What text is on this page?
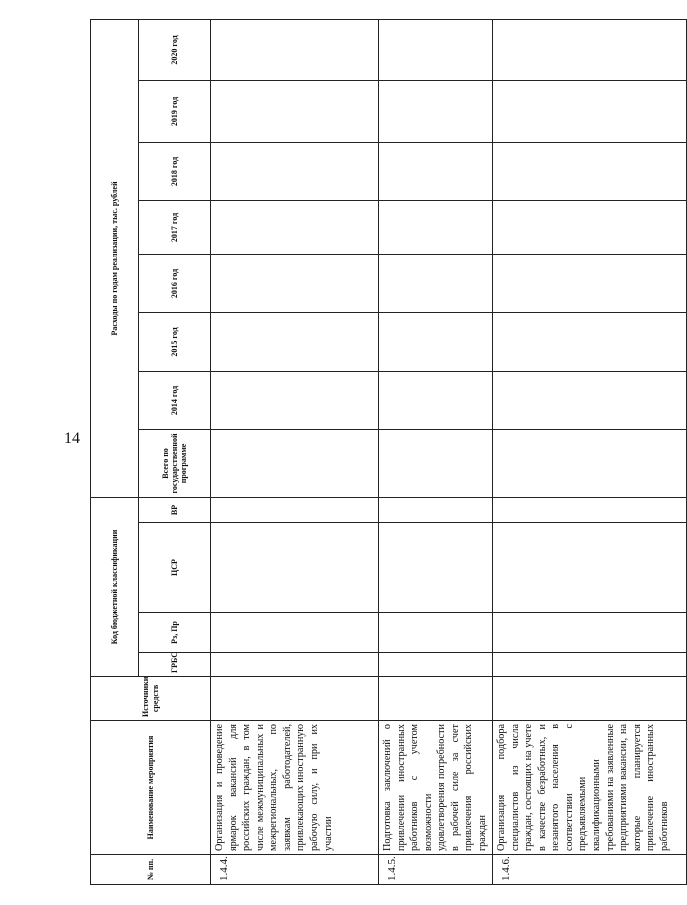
14
№ пп.	Наименование мероприятия	Источники средств	Код бюджетной классификации				Расходы по годам реализации, тыс. рублей							
			ГРБС	Рз, Пр	ЦСР	ВР	Всего по государственной программе	2014 год	2015 год	2016 год	2017 год	2018 год	2019 год	2020 год
1.4.4.	Организация и проведение ярмарок вакансий для российских граждан, в том числе межмуниципальных и межрегиональных, по заявкам работодателей, привлекающих иностранную рабочую силу, и при их участии													
1.4.5.	Подготовка заключений о привлечении иностранных работников с учетом возможности удовлетворения потребности в рабочей силе за счет привлечения российских граждан													
1.4.6.	Организация подбора специалистов из числа граждан, состоящих на учете в качестве безработных, и незанятого населения в соответствии с предъявляемыми квалификационными требованиями на заявленные предприятиями вакансии, на которые планируется привлечение иностранных работников													
